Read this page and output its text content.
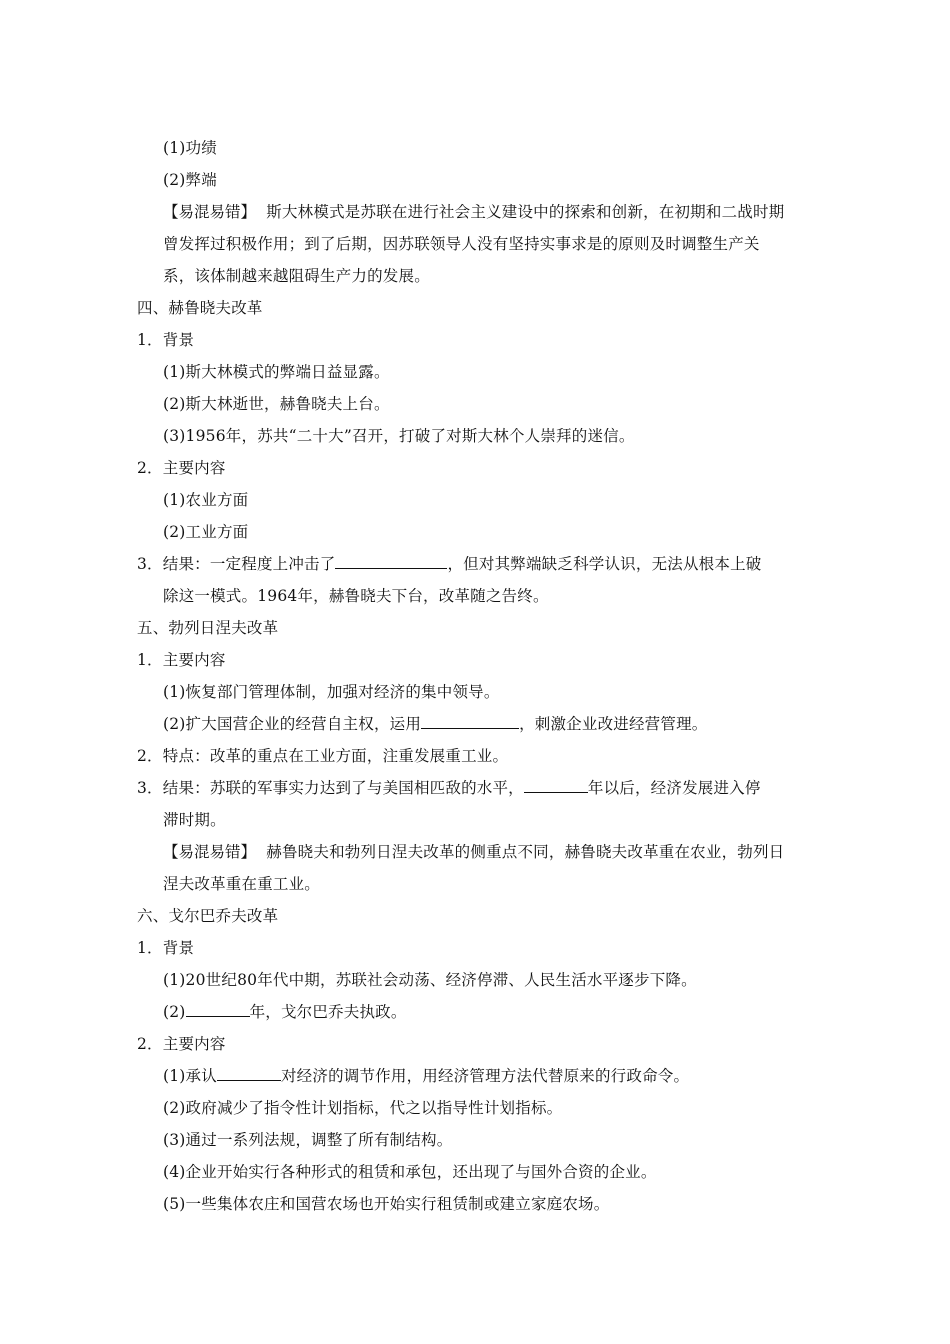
(1)功绩
(2)弊端
【易混易错】 斯大林模式是苏联在进行社会主义建设中的探索和创新，在初期和二战时期
曾发挥过积极作用；到了后期，因苏联领导人没有坚持实事求是的原则及时调整生产关
系，该体制越来越阻碍生产力的发展。
四、赫鲁晓夫改革
1．背景
(1)斯大林模式的弊端日益显露。
(2)斯大林逝世，赫鲁晓夫上台。
(3)1956年，苏共“二十大”召开，打破了对斯大林个人崇拜的迷信。
2．主要内容
(1)农业方面
(2)工业方面
3．结果：一定程度上冲击了	，但对其弊端缺乏科学认识，无法从根本上破
除这一模式。1964年，赫鲁晓夫下台，改革随之告终。
五、勃列日涅夫改革
1．主要内容
(1)恢复部门管理体制，加强对经济的集中领导。
(2)扩大国营企业的经营自主权，运用	，刺激企业改进经营管理。
2．特点：改革的重点在工业方面，注重发展重工业。
3．结果：苏联的军事实力达到了与美国相匹敌的水平，	年以后，经济发展进入停
滞时期。
【易混易错】 赫鲁晓夫和勃列日涅夫改革的侧重点不同，赫鲁晓夫改革重在农业，勃列日
涅夫改革重在重工业。
六、戈尔巴乔夫改革
1．背景
(1)20世纪80年代中期，苏联社会动荡、经济停滞、人民生活水平逐步下降。
(2)	年，戈尔巴乔夫执政。
2．主要内容
(1)承认	对经济的调节作用，用经济管理方法代替原来的行政命令。
(2)政府减少了指令性计划指标，代之以指导性计划指标。
(3)通过一系列法规，调整了所有制结构。
(4)企业开始实行各种形式的租赁和承包，还出现了与国外合资的企业。
(5)一些集体农庄和国营农场也开始实行租赁制或建立家庭农场。
